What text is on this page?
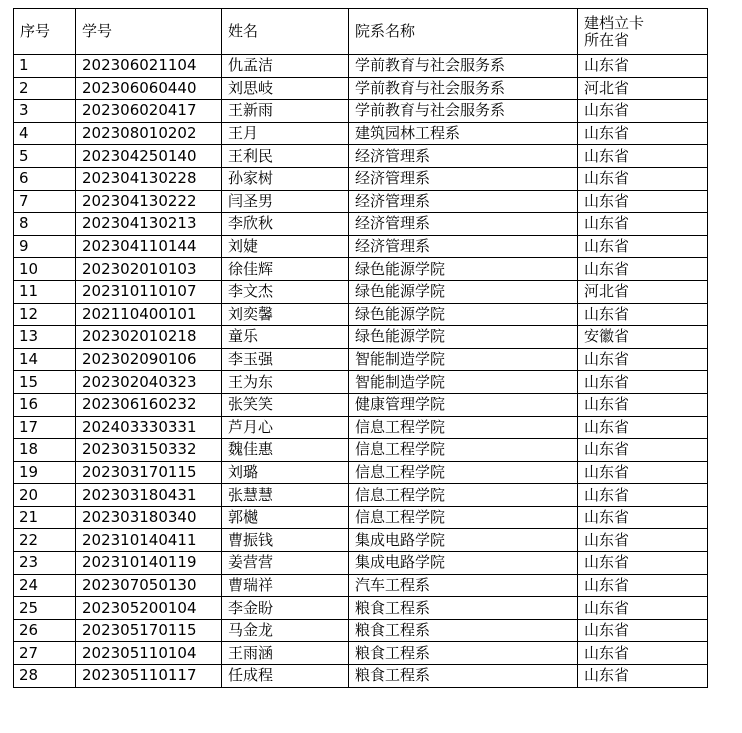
序号	学号	姓名	院系名称	建档立卡
所在省
1	202306021104	仇孟洁	学前教育与社会服务系	山东省
2	202306060440	刘思岐	学前教育与社会服务系	河北省
3	202306020417	王新雨	学前教育与社会服务系	山东省
4	202308010202	王月	建筑园林工程系	山东省
5	202304250140	王利民	经济管理系	山东省
6	202304130228	孙家树	经济管理系	山东省
7	202304130222	闫圣男	经济管理系	山东省
8	202304130213	李欣秋	经济管理系	山东省
9	202304110144	刘婕	经济管理系	山东省
10	202302010103	徐佳辉	绿色能源学院	山东省
11	202310110107	李文杰	绿色能源学院	河北省
12	202110400101	刘奕馨	绿色能源学院	山东省
13	202302010218	童乐	绿色能源学院	安徽省
14	202302090106	李玉强	智能制造学院	山东省
15	202302040323	王为东	智能制造学院	山东省
16	202306160232	张笑笑	健康管理学院	山东省
17	202403330331	芦月心	信息工程学院	山东省
18	202303150332	魏佳惠	信息工程学院	山东省
19	202303170115	刘璐	信息工程学院	山东省
20	202303180431	张慧慧	信息工程学院	山东省
21	202303180340	郭樾	信息工程学院	山东省
22	202310140411	曹振钱	集成电路学院	山东省
23	202310140119	姜营营	集成电路学院	山东省
24	202307050130	曹瑞祥	汽车工程系	山东省
25	202305200104	李金盼	粮食工程系	山东省
26	202305170115	马金龙	粮食工程系	山东省
27	202305110104	王雨涵	粮食工程系	山东省
28	202305110117	任成程	粮食工程系	山东省
